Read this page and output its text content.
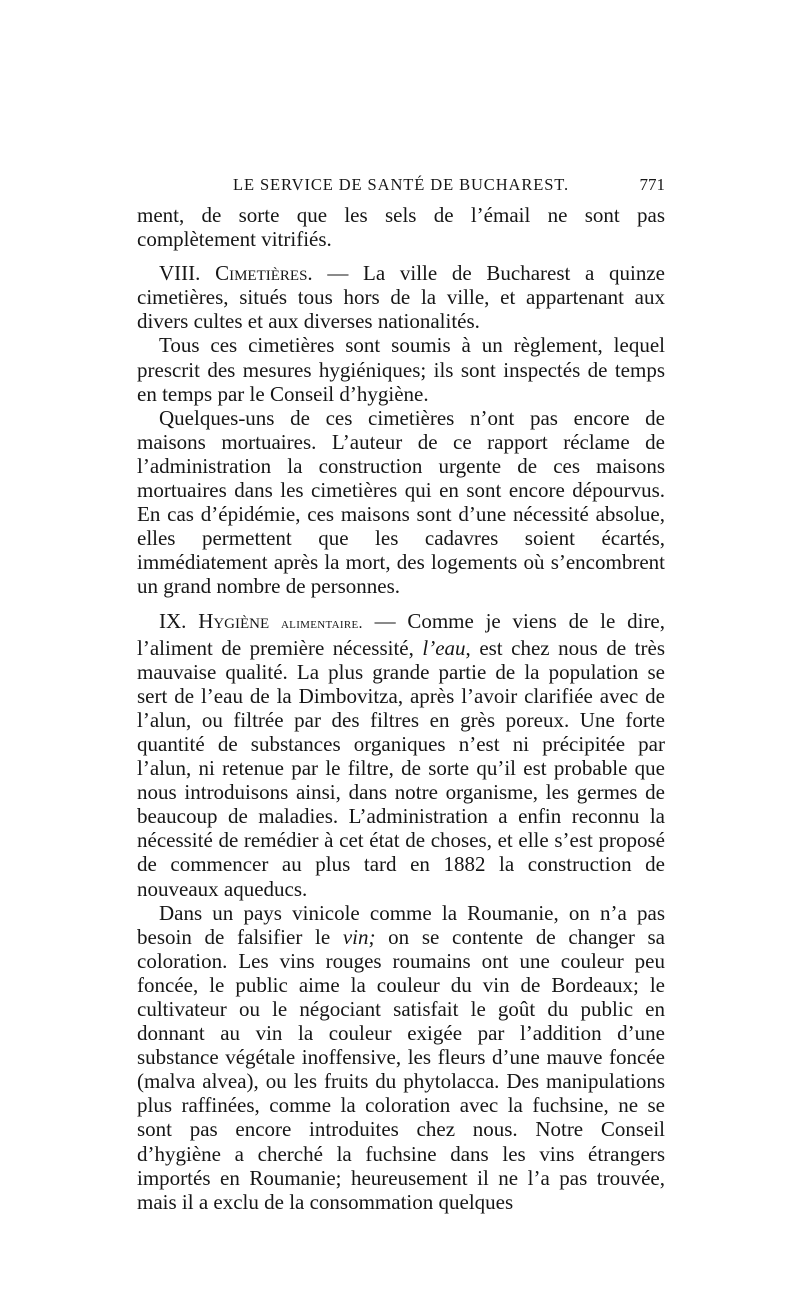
LE SERVICE DE SANTÉ DE BUCHAREST.	771

ment, de sorte que les sels de l’émail ne sont pas complètement vitrifiés.

VIII. Cimetières. — La ville de Bucharest a quinze cimetières, situés tous hors de la ville, et appartenant aux divers cultes et aux diverses nationalités.

Tous ces cimetières sont soumis à un règlement, lequel prescrit des mesures hygiéniques; ils sont inspectés de temps en temps par le Conseil d’hygiène.

Quelques-uns de ces cimetières n’ont pas encore de maisons mortuaires. L’auteur de ce rapport réclame de l’administration la construction urgente de ces maisons mortuaires dans les cimetières qui en sont encore dépourvus. En cas d’épidémie, ces maisons sont d’une nécessité absolue, elles permettent que les cadavres soient écartés, immédiatement après la mort, des logements où s’encombrent un grand nombre de personnes.

IX. Hygiène alimentaire. — Comme je viens de le dire, l’aliment de première nécessité, l’eau, est chez nous de très mauvaise qualité. La plus grande partie de la population se sert de l’eau de la Dimbovitza, après l’avoir clarifiée avec de l’alun, ou filtrée par des filtres en grès poreux. Une forte quantité de substances organiques n’est ni précipitée par l’alun, ni retenue par le filtre, de sorte qu’il est probable que nous introduisons ainsi, dans notre organisme, les germes de beaucoup de maladies. L’administration a enfin reconnu la nécessité de remédier à cet état de choses, et elle s’est proposé de commencer au plus tard en 1882 la construction de nouveaux aqueducs.

Dans un pays vinicole comme la Roumanie, on n’a pas besoin de falsifier le vin; on se contente de changer sa coloration. Les vins rouges roumains ont une couleur peu foncée, le public aime la couleur du vin de Bordeaux; le cultivateur ou le négociant satisfait le goût du public en donnant au vin la couleur exigée par l’addition d’une substance végétale inoffensive, les fleurs d’une mauve foncée (malva alvea), ou les fruits du phytolacca. Des manipulations plus raffinées, comme la coloration avec la fuchsine, ne se sont pas encore introduites chez nous. Notre Conseil d’hygiène a cherché la fuchsine dans les vins étrangers importés en Roumanie; heureusement il ne l’a pas trouvée, mais il a exclu de la consommation quelques
